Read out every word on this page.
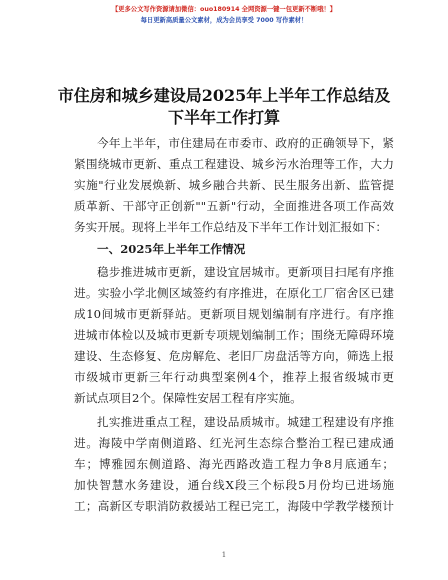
【更多公文写作资源请加微信：ouo180914 全网资源一键一包更新不断哦！】
每日更新高质量公文素材，成为会员享受 7000 写作素材！
市住房和城乡建设局2025年上半年工作总结及
下半年工作打算
今年上半年，市住建局在市委市、政府的正确领导下，紧
紧围绕城市更新、重点工程建设、城乡污水治理等工作，大力
实施"行业发展焕新、城乡融合共新、民生服务出新、监管提
质革新、干部守正创新""五新"行动，全面推进各项工作高效
务实开展。现将上半年工作总结及下半年工作计划汇报如下：
一、2025年上半年工作情况
稳步推进城市更新，建设宜居城市。更新项目扫尾有序推
进。实验小学北侧区域签约有序推进，在原化工厂宿舍区已建
成10间城市更新驿站。更新项目规划编制有序进行。有序推
进城市体检以及城市更新专项规划编制工作；围绕无障碍环境
建设、生态修复、危房解危、老旧厂房盘活等方向，筛选上报
市级城市更新三年行动典型案例4个，推荐上报省级城市更
新试点项目2个。保障性安居工程有序实施。
扎实推进重点工程，建设品质城市。城建工程建设有序推
进。海陵中学南侧道路、红光河生态综合整治工程已建成通
车；博雅园东侧道路、海光西路改造工程力争8月底通车；
加快智慧水务建设，通台线X段三个标段5月份均已进场施
工；高新区专职消防救援站工程已完工，海陵中学教学楼预计
1
